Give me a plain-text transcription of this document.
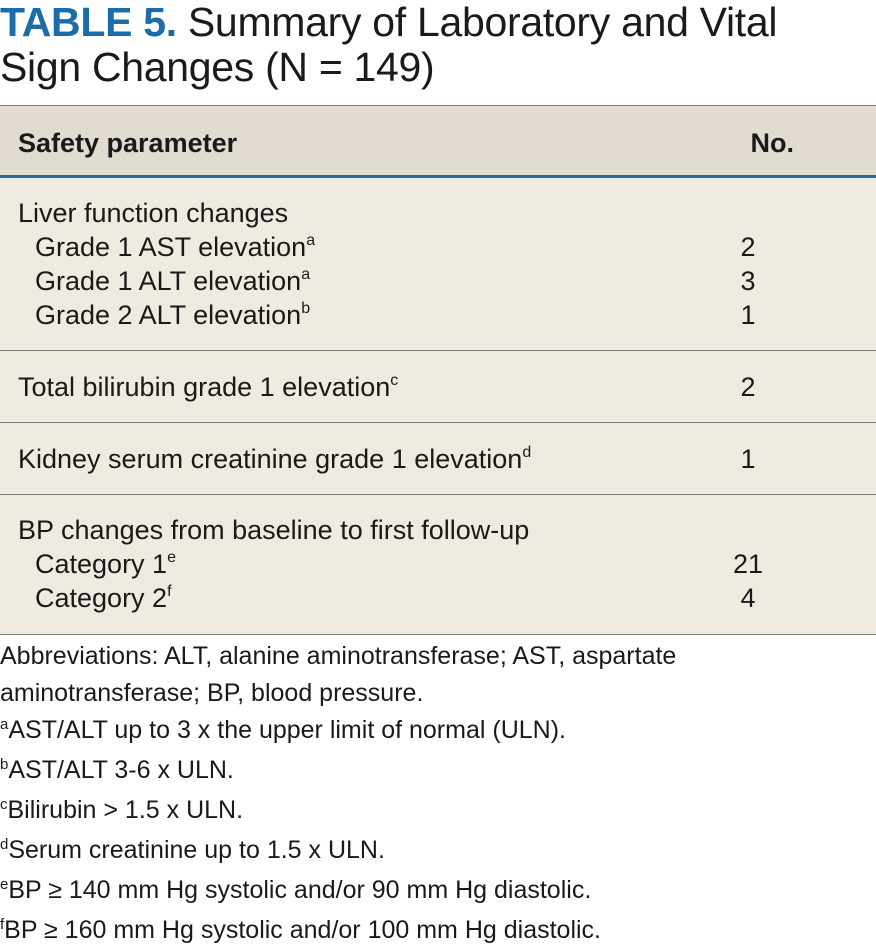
TABLE 5. Summary of Laboratory and Vital
Sign Changes (N = 149)
Safety parameter	No.
Liver function changes
Grade 1 AST elevation$^a$	2
Grade 1 ALT elevation$^a$	3
Grade 2 ALT elevation$^b$	1
Total bilirubin grade 1 elevation$^c$	2
Kidney serum creatinine grade 1 elevation$^d$	1
BP changes from baseline to first follow-up
Category 1e	21
Category 2$^f$	4
Abbreviations: ALT, alanine aminotransferase; AST, aspartate
aminotransferase; BP, blood pressure.
$^a$AST/ALT up to 3 x the upper limit of normal (ULN).
$^b$AST/ALT 3-6 x ULN.
$^c$Bilirubin > 1.5 x ULN.
$^d$Serum creatinine up to 1.5 x ULN.
$^e$BP ≥ 140 mm Hg systolic and/or 90 mm Hg diastolic.
$^f$BP ≥ 160 mm Hg systolic and/or 100 mm Hg diastolic.
